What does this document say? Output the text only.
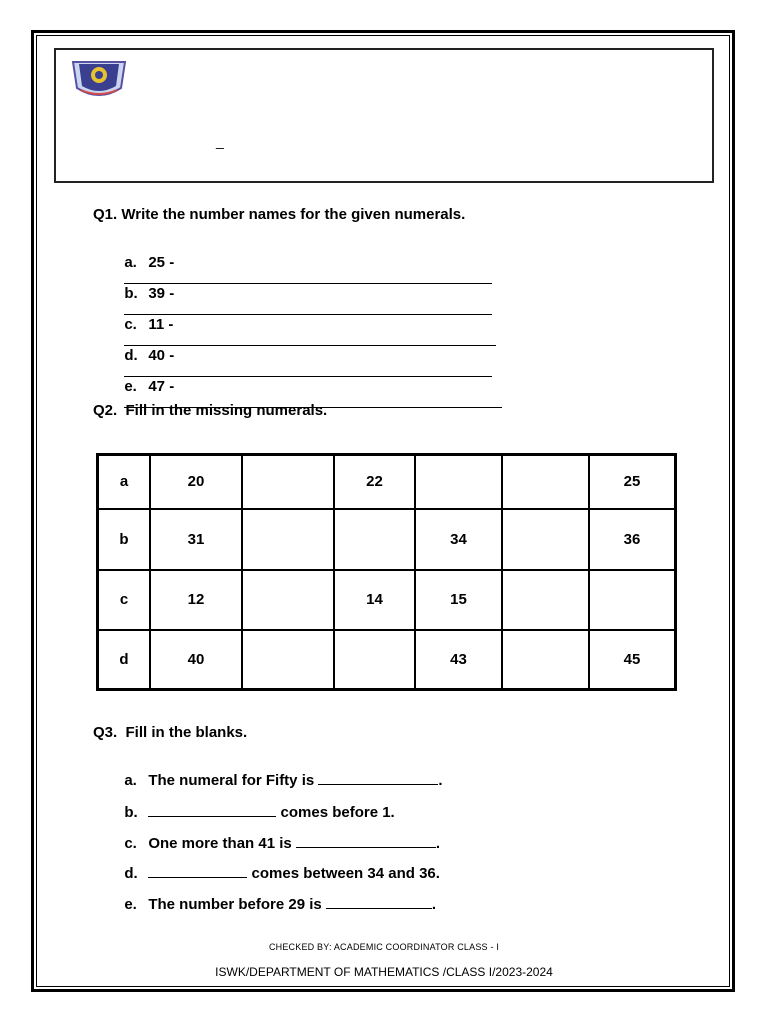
_
Q1. Write the number names for the given numerals.

a. 25 -

b. 39 -

c. 11 -

d. 40 -

e. 47 -

Q2.  Fill in the missing numerals.
a	20		22			25
b	31			34		36
c	12		14	15		
d	40			43		45
Q3.  Fill in the blanks.

a. The numeral for Fifty is	.

b.	comes before 1.

c. One more than 41 is	.

d.	comes between 34 and 36.

e. The number before 29 is	.

CHECKED BY: ACADEMIC COORDINATOR CLASS - I
ISWK/DEPARTMENT OF MATHEMATICS /CLASS I/2023-2024
